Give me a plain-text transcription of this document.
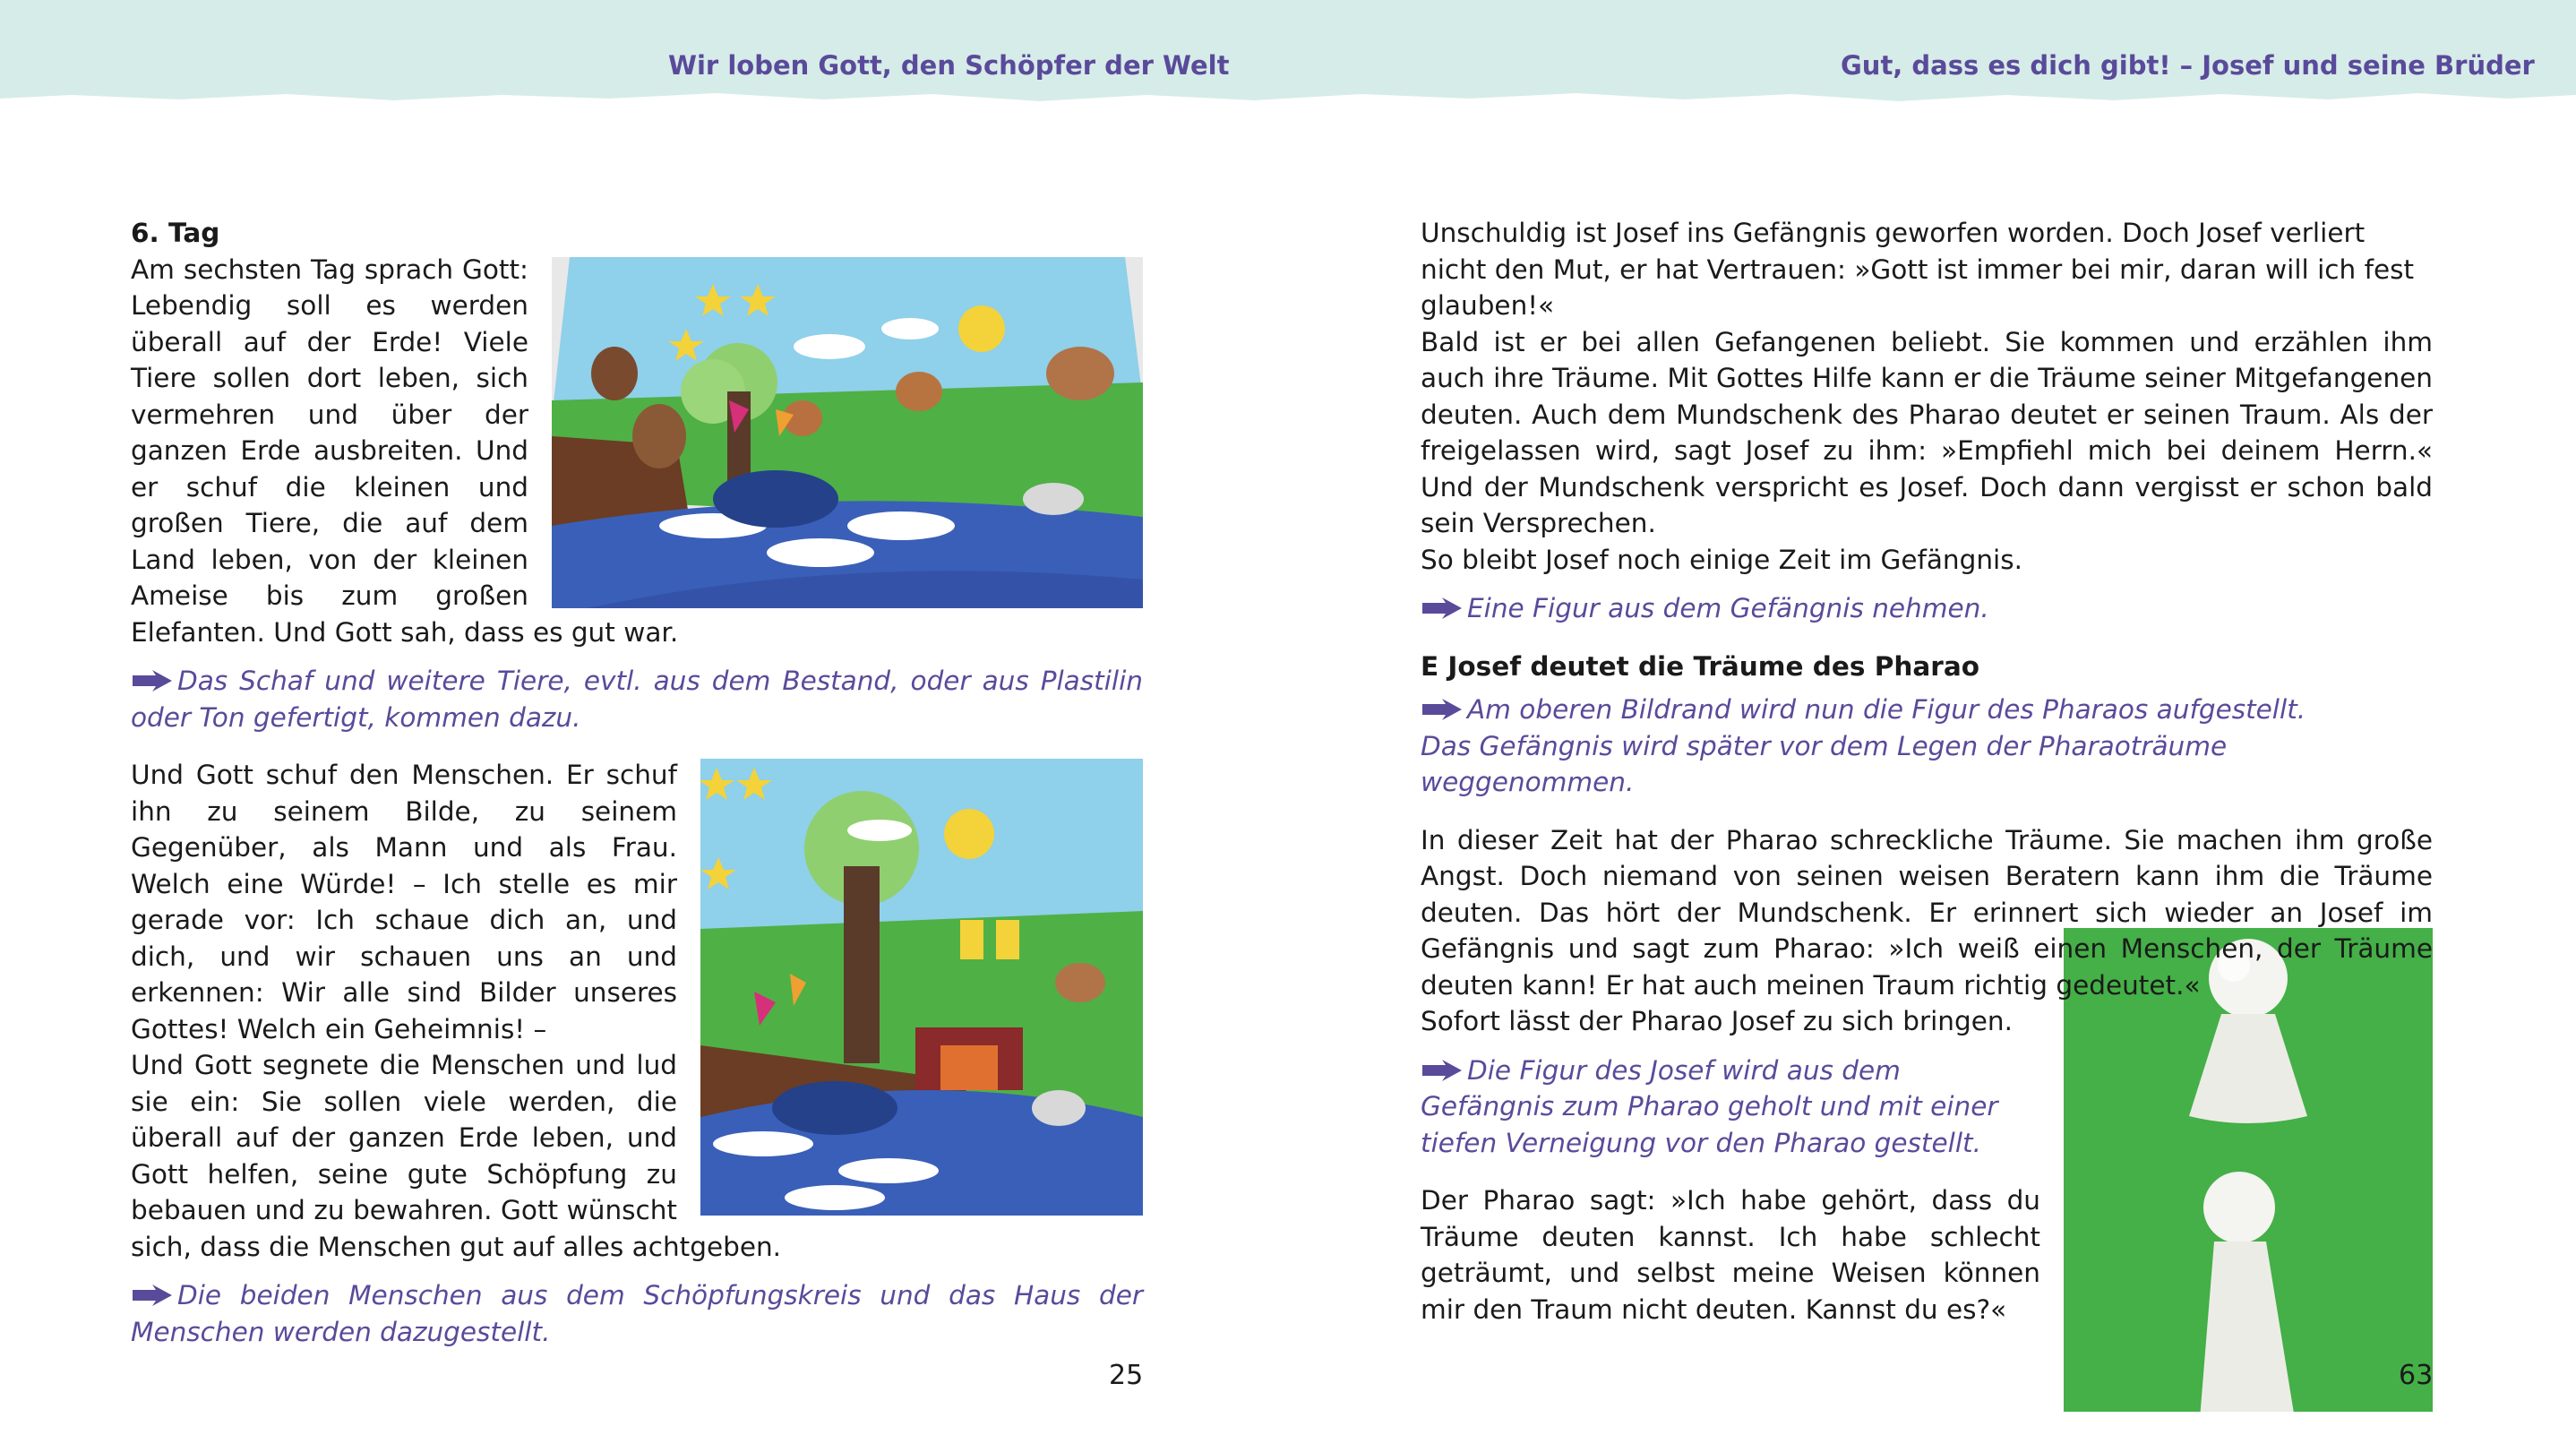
Wir loben Gott, den Schöpfer der Welt	Gut, dass es dich gibt! – Josef und seine Brüder

6. Tag

Am sechsten Tag sprach Gott: Lebendig soll es werden überall auf der Erde! Viele Tiere sollen dort leben, sich vermehren und über der ganzen Erde ausbreiten. Und er schuf die kleinen und großen Tiere, die auf dem Land leben, von der kleinen Ameise bis zum großen Elefanten. Und Gott sah, dass es gut war.

Das Schaf und weitere Tiere, evtl. aus dem Bestand, oder aus Plastilin oder Ton gefertigt, kommen dazu.

Und Gott schuf den Menschen. Er schuf ihn zu seinem Bilde, zu seinem Gegenüber, als Mann und als Frau. Welch eine Würde! – Ich stelle es mir gerade vor: Ich schaue dich an, und dich, und wir schauen uns an und erkennen: Wir alle sind Bilder unseres Gottes! Welch ein Geheimnis! –

Und Gott segnete die Menschen und lud sie ein: Sie sollen viele werden, die überall auf der ganzen Erde leben, und Gott helfen, seine gute Schöpfung zu bebauen und zu bewahren. Gott wünscht sich, dass die Menschen gut auf alles achtgeben.

Die beiden Menschen aus dem Schöpfungskreis und das Haus der Menschen werden dazugestellt.

25

Unschuldig ist Josef ins Gefängnis geworfen worden. Doch Josef verliert nicht den Mut, er hat Vertrauen: »Gott ist immer bei mir, daran will ich fest glauben!«

Bald ist er bei allen Gefangenen beliebt. Sie kommen und erzählen ihm auch ihre Träume. Mit Gottes Hilfe kann er die Träume seiner Mitgefangenen deuten. Auch dem Mundschenk des Pharao deutet er seinen Traum. Als der freigelassen wird, sagt Josef zu ihm: »Empfiehl mich bei deinem Herrn.« Und der Mundschenk verspricht es Josef. Doch dann vergisst er schon bald sein Versprechen.

So bleibt Josef noch einige Zeit im Gefängnis.

Eine Figur aus dem Gefängnis nehmen.

E Josef deutet die Träume des Pharao

Am oberen Bildrand wird nun die Figur des Pharaos aufgestellt.
Das Gefängnis wird später vor dem Legen der Pharaoträume weggenommen.

In dieser Zeit hat der Pharao schreckliche Träume. Sie machen ihm große Angst. Doch niemand von seinen weisen Beratern kann ihm die Träume deuten. Das hört der Mundschenk. Er erinnert sich wieder an Josef im Gefängnis und sagt zum Pharao: »Ich weiß einen Menschen, der Träume deuten kann! Er hat auch meinen Traum richtig gedeutet.«

Sofort lässt der Pharao Josef zu sich bringen.

Die Figur des Josef wird aus dem Gefängnis zum Pharao geholt und mit einer tiefen Verneigung vor den Pharao gestellt.

Der Pharao sagt: »Ich habe gehört, dass du Träume deuten kannst. Ich habe schlecht geträumt, und selbst meine Weisen können mir den Traum nicht deuten. Kannst du es?«

63
